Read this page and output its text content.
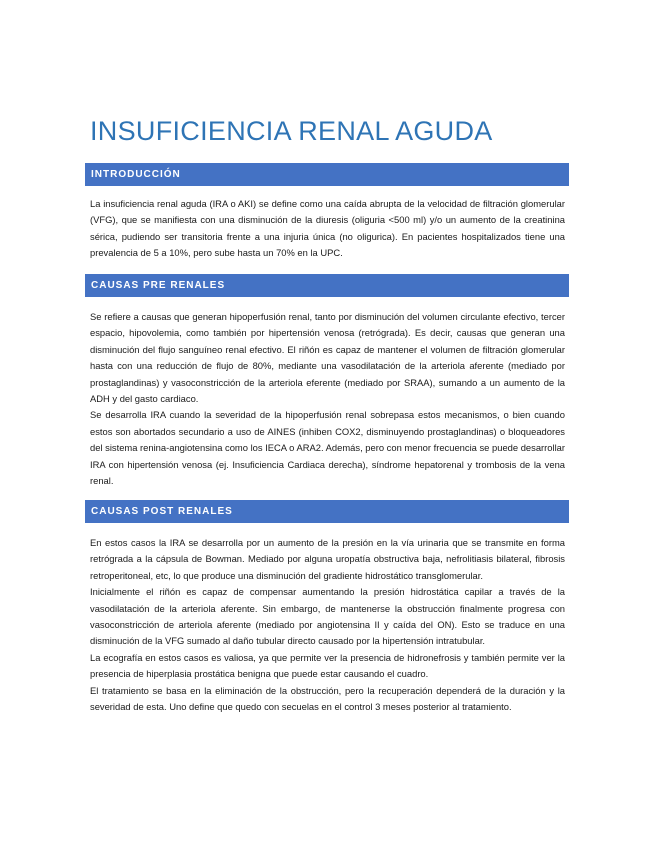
INSUFICIENCIA RENAL AGUDA
INTRODUCCIÓN

La insuficiencia renal aguda (IRA o AKI) se define como una caída abrupta de la velocidad de filtración glomerular (VFG), que se manifiesta con una disminución de la diuresis (oliguria <500 ml) y/o un aumento de la creatinina sérica, pudiendo ser transitoria frente a una injuria única (no oligurica). En pacientes hospitalizados tiene una prevalencia de 5 a 10%, pero sube hasta un 70% en la UPC.

CAUSAS PRE RENALES

Se refiere a causas que generan hipoperfusión renal, tanto por disminución del volumen circulante efectivo, tercer espacio, hipovolemia, como también por hipertensión venosa (retrógrada). Es decir, causas que generan una disminución del flujo sanguíneo renal efectivo. El riñón es capaz de mantener el volumen de filtración glomerular hasta con una reducción de flujo de 80%, mediante una vasodilatación de la arteriola aferente (mediado por prostaglandinas) y vasoconstricción de la arteriola eferente (mediado por SRAA), sumando a un aumento de la ADH y del gasto cardiaco.

Se desarrolla IRA cuando la severidad de la hipoperfusión renal sobrepasa estos mecanismos, o bien cuando estos son abortados secundario a uso de AINES (inhiben COX2, disminuyendo prostaglandinas) o bloqueadores del sistema renina-angiotensina como los IECA o ARA2. Además, pero con menor frecuencia se puede desarrollar IRA con hipertensión venosa (ej. Insuficiencia Cardiaca derecha), síndrome hepatorenal y trombosis de la vena renal.

CAUSAS POST RENALES

En estos casos la IRA se desarrolla por un aumento de la presión en la vía urinaria que se transmite en forma retrógrada a la cápsula de Bowman. Mediado por alguna uropatía obstructiva baja, nefrolitiasis bilateral, fibrosis retroperitoneal, etc, lo que produce una disminución del gradiente hidrostático transglomerular.

Inicialmente el riñón es capaz de compensar aumentando la presión hidrostática capilar a través de la vasodilatación de la arteriola aferente. Sin embargo, de mantenerse la obstrucción finalmente progresa con vasoconstricción de arteriola aferente (mediado por angiotensina II y caída del ON). Esto se traduce en una disminución de la VFG sumado al daño tubular directo causado por la hipertensión intratubular.

La ecografía en estos casos es valiosa, ya que permite ver la presencia de hidronefrosis y también permite ver la presencia de hiperplasia prostática benigna que puede estar causando el cuadro.

El tratamiento se basa en la eliminación de la obstrucción, pero la recuperación dependerá de la duración y la severidad de esta. Uno define que quedo con secuelas en el control 3 meses posterior al tratamiento.
